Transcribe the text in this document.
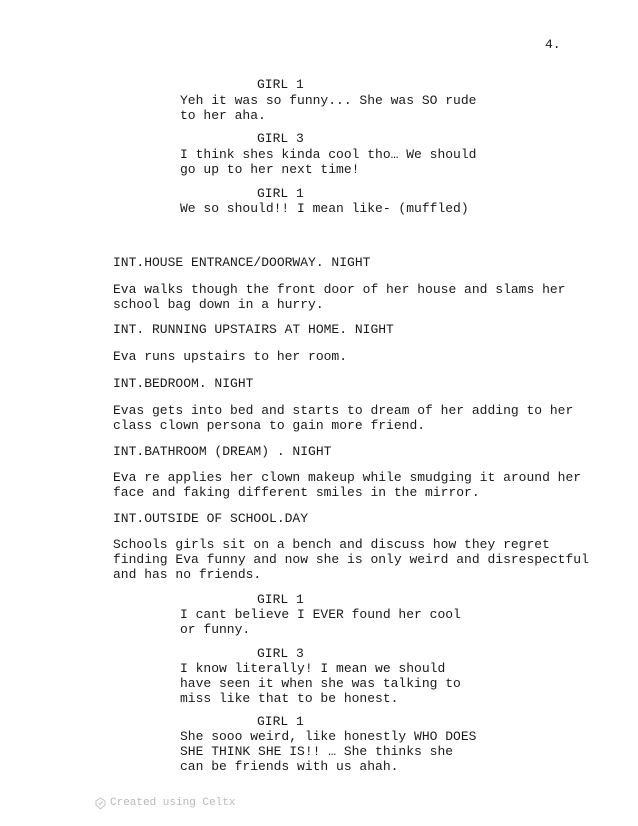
4.
GIRL 1
Yeh it was so funny... She was SO rude
to her aha.
GIRL 3
I think shes kinda cool tho… We should
go up to her next time!
GIRL 1
We so should!! I mean like- (muffled)
INT.HOUSE ENTRANCE/DOORWAY. NIGHT
Eva walks though the front door of her house and slams her
school bag down in a hurry.
INT. RUNNING UPSTAIRS AT HOME. NIGHT
Eva runs upstairs to her room.
INT.BEDROOM. NIGHT
Evas gets into bed and starts to dream of her adding to her
class clown persona to gain more friend.
INT.BATHROOM (DREAM) . NIGHT
Eva re applies her clown makeup while smudging it around her
face and faking different smiles in the mirror.
INT.OUTSIDE OF SCHOOL.DAY
Schools girls sit on a bench and discuss how they regret
finding Eva funny and now she is only weird and disrespectful
and has no friends.
GIRL 1
I cant believe I EVER found her cool
or funny.
GIRL 3
I know literally! I mean we should
have seen it when she was talking to
miss like that to be honest.
GIRL 1
She sooo weird, like honestly WHO DOES
SHE THINK SHE IS!! … She thinks she
can be friends with us ahah.
Created using Celtx
